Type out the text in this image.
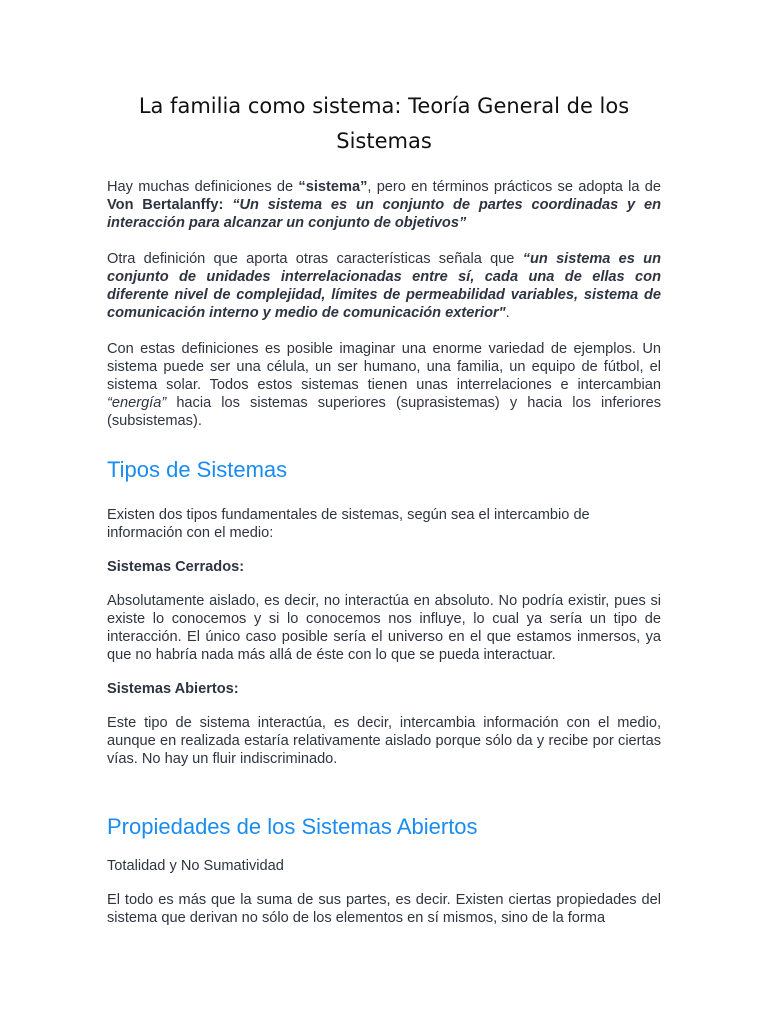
La familia como sistema: Teoría General de los Sistemas

Hay muchas definiciones de “sistema”, pero en términos prácticos se adopta la de Von Bertalanffy: “Un sistema es un conjunto de partes coordinadas y en interacción para alcanzar un conjunto de objetivos”

Otra definición que aporta otras características señala que “un sistema es un conjunto de unidades interrelacionadas entre sí, cada una de ellas con diferente nivel de complejidad, límites de permeabilidad variables, sistema de comunicación interno y medio de comunicación exterior".

Con estas definiciones es posible imaginar una enorme variedad de ejemplos. Un sistema puede ser una célula, un ser humano, una familia, un equipo de fútbol, el sistema solar. Todos estos sistemas tienen unas interrelaciones e intercambian “energía” hacia los sistemas superiores (suprasistemas) y hacia los inferiores (subsistemas).

Tipos de Sistemas

Existen dos tipos fundamentales de sistemas, según sea el intercambio de información con el medio:

Sistemas Cerrados:

Absolutamente aislado, es decir, no interactúa en absoluto. No podría existir, pues si existe lo conocemos y si lo conocemos nos influye, lo cual ya sería un tipo de interacción. El único caso posible sería el universo en el que estamos inmersos, ya que no habría nada más allá de éste con lo que se pueda interactuar.

Sistemas Abiertos:

Este tipo de sistema interactúa, es decir, intercambia información con el medio, aunque en realizada estaría relativamente aislado porque sólo da y recibe por ciertas vías. No hay un fluir indiscriminado.

Propiedades de los Sistemas Abiertos

Totalidad y No Sumatividad

El todo es más que la suma de sus partes, es decir. Existen ciertas propiedades del sistema que derivan no sólo de los elementos en sí mismos, sino de la forma
